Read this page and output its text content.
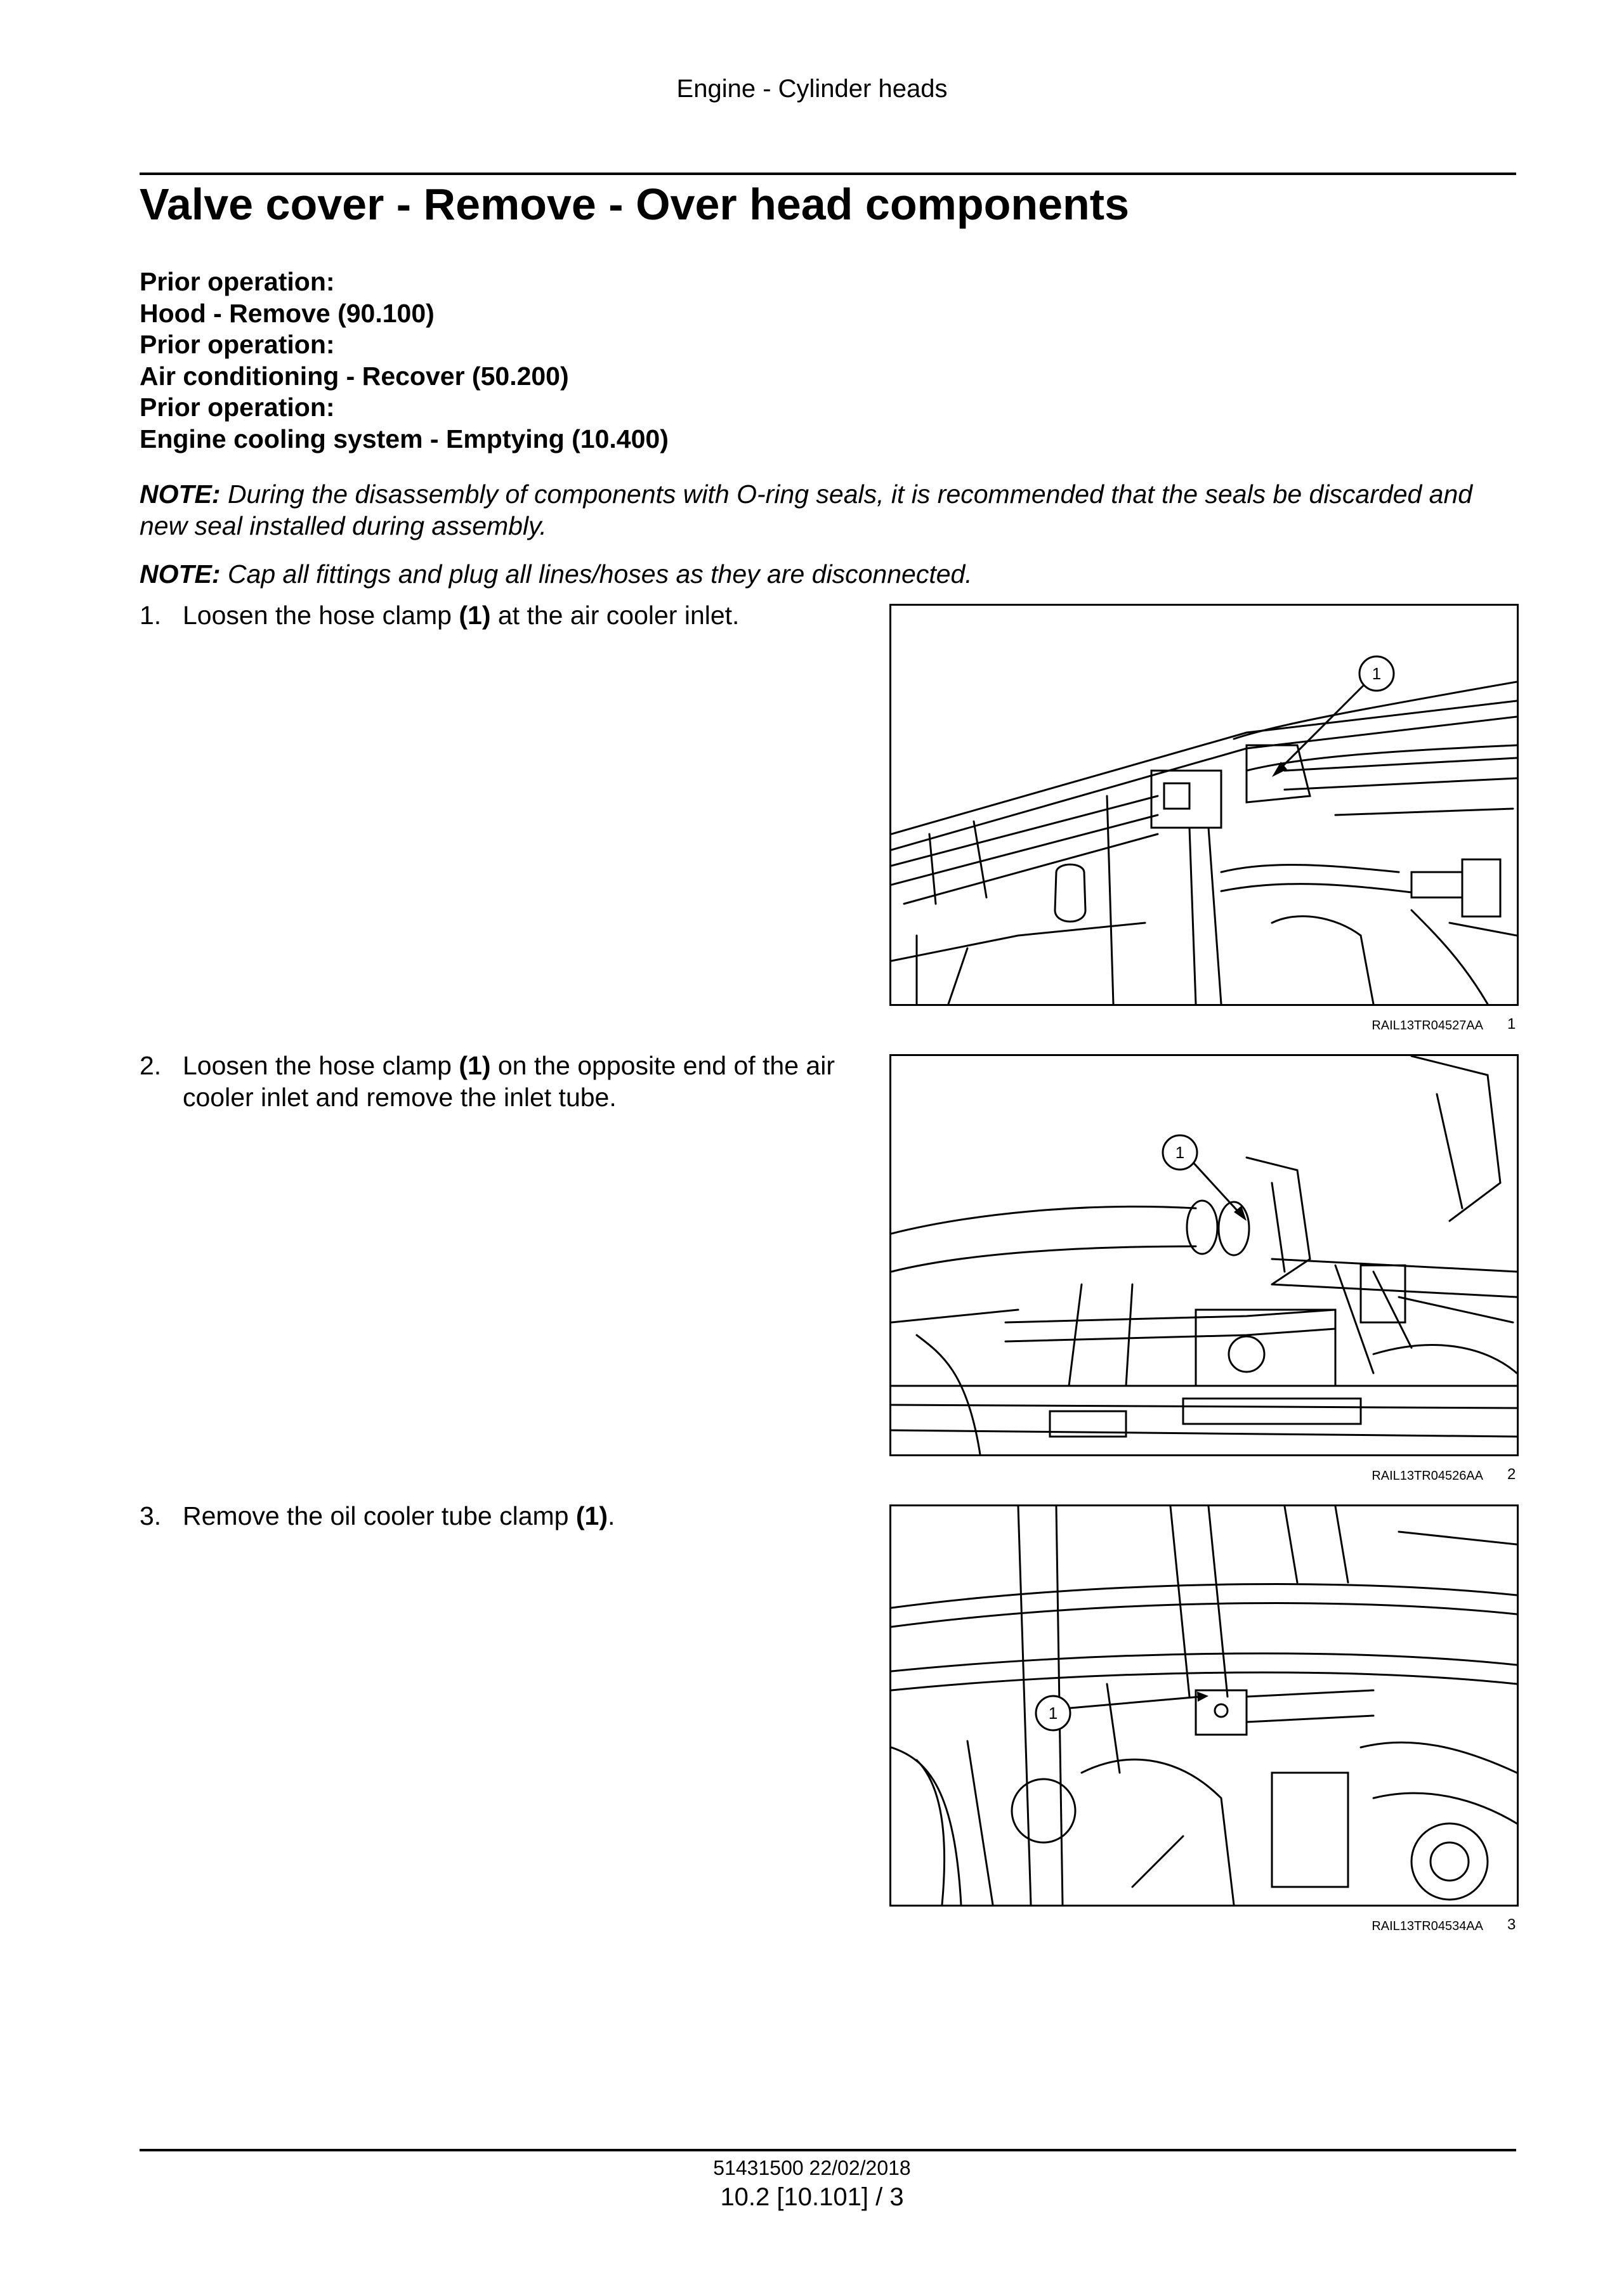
Engine - Cylinder heads
Valve cover - Remove - Over head components
Prior operation:
Hood - Remove (90.100)
Prior operation:
Air conditioning - Recover (50.200)
Prior operation:
Engine cooling system - Emptying (10.400)
NOTE: During the disassembly of components with O-ring seals, it is recommended that the seals be discarded and new seal installed during assembly.
NOTE: Cap all fittings and plug all lines/hoses as they are disconnected.
1. Loosen the hose clamp (1) at the air cooler inlet.
1
RAIL13TR04527AA 1
2. Loosen the hose clamp (1) on the opposite end of the air cooler inlet and remove the inlet tube.
1
RAIL13TR04526AA 2
3. Remove the oil cooler tube clamp (1).
1
RAIL13TR04534AA 3
51431500 22/02/2018
10.2 [10.101] / 3
